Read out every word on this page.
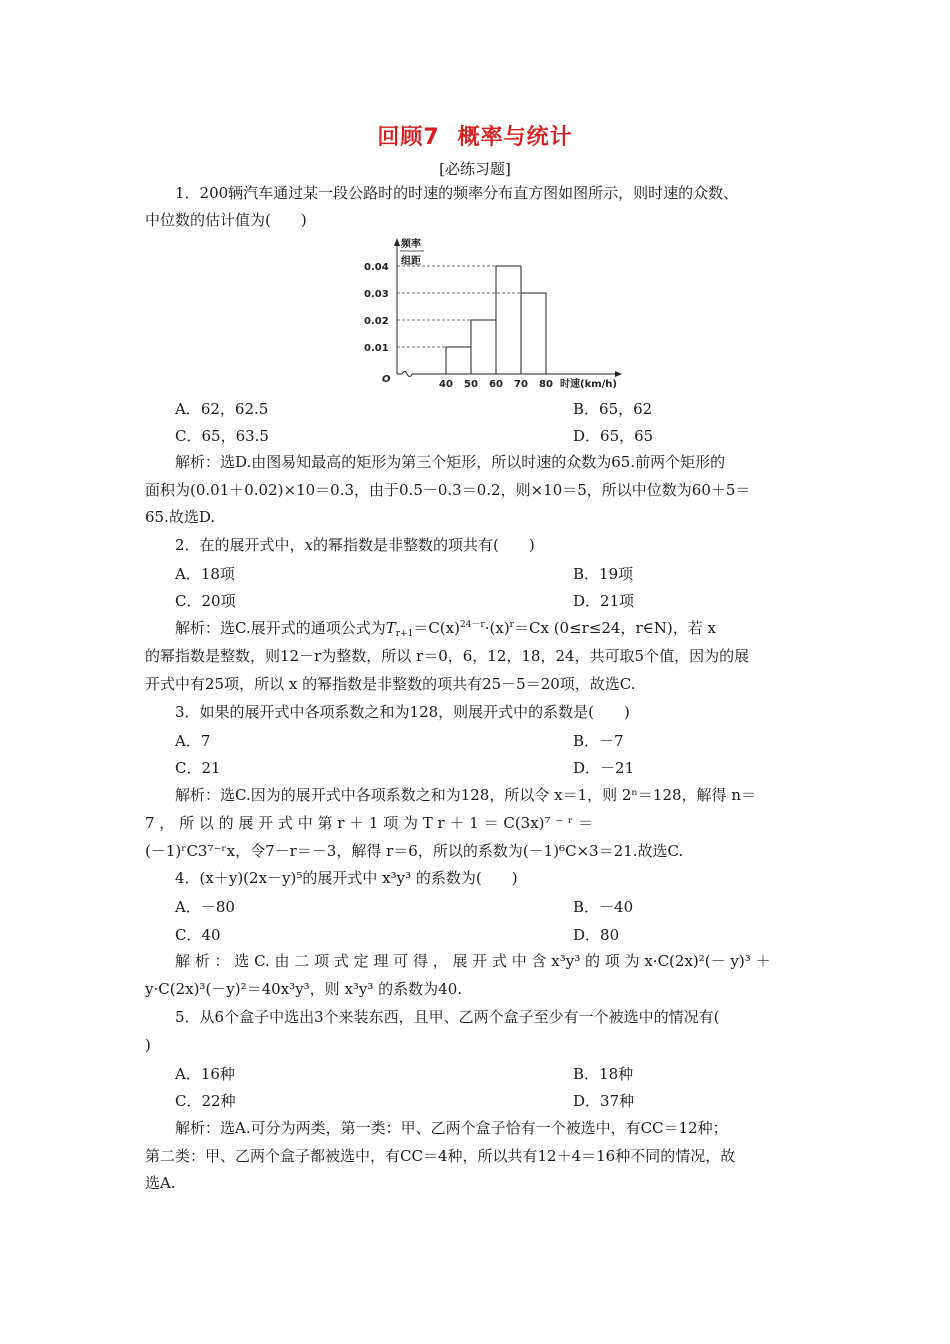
回顾7 概率与统计
[必练习题]
1．200辆汽车通过某一段公路时的时速的频率分布直方图如图所示，则时速的众数、
中位数的估计值为(　　)
频率
组距
O
0.01
0.02
0.03
0.04
40 50 60 70 80 时速(km/h)
A．62，62.5	B．65，62
C．65，63.5	D．65，65
解析：选D.由图易知最高的矩形为第三个矩形，所以时速的众数为65.前两个矩形的
面积为(0.01＋0.02)×10＝0.3，由于0.5－0.3＝0.2，则×10＝5，所以中位数为60＋5＝
65.故选D.
2．在的展开式中，x的幂指数是非整数的项共有(　　)
A．18项	B．19项
C．20项	D．21项
解析：选C.展开式的通项公式为$T_{r+1}=C(x)^{24-r}\cdot(x)^r=Cx$ (0≤r≤24，r∈N)，若 x
的幂指数是整数，则12－r为整数，所以 r＝0，6，12，18，24，共可取5个值，因为的展
开式中有25项，所以 x 的幂指数是非整数的项共有25－5＝20项，故选C.
3．如果的展开式中各项系数之和为128，则展开式中的系数是(　　)
A．7	B．－7
C．21	D．－21
解析：选C.因为的展开式中各项系数之和为128，所以令 x＝1，则 2ⁿ＝128，解得 n＝
7 ， 所 以 的 展 开 式 中 第 r ＋ 1 项 为 T r ＋ 1 ＝ C(3x)⁷ ⁻ ʳ ＝
(－1)ʳC3⁷⁻ʳx，令7－r＝－3，解得 r＝6，所以的系数为(－1)⁶C×3＝21.故选C.
4．(x＋y)(2x－y)⁵的展开式中 x³y³ 的系数为(　　)
A．－80	B．－40
C．40	D．80
解 析 ： 选 C. 由 二 项 式 定 理 可 得 ， 展 开 式 中 含 x³y³ 的 项 为 x·C(2x)²(－ y)³ ＋
y·C(2x)³(－y)²＝40x³y³，则 x³y³ 的系数为40.
5．从6个盒子中选出3个来装东西，且甲、乙两个盒子至少有一个被选中的情况有(
)
A．16种	B．18种
C．22种	D．37种
解析：选A.可分为两类，第一类：甲、乙两个盒子恰有一个被选中，有CC＝12种；
第二类：甲、乙两个盒子都被选中，有CC＝4种，所以共有12＋4＝16种不同的情况，故
选A.
